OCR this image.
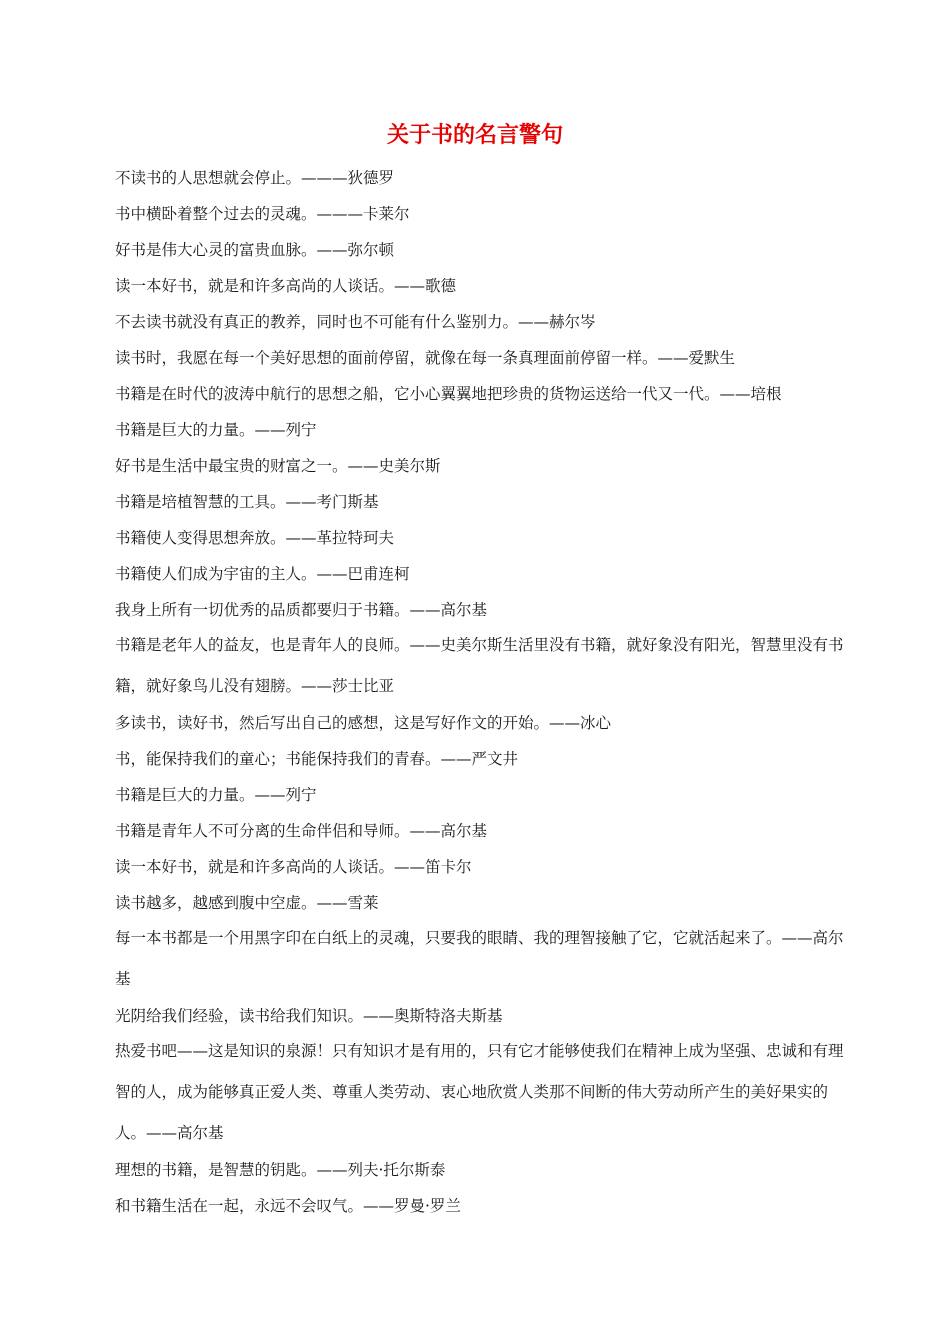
关于书的名言警句

不读书的人思想就会停止。———狄德罗

书中横卧着整个过去的灵魂。———卡莱尔

好书是伟大心灵的富贵血脉。——弥尔顿

读一本好书，就是和许多高尚的人谈话。——歌德

不去读书就没有真正的教养，同时也不可能有什么鉴别力。——赫尔岑

读书时，我愿在每一个美好思想的面前停留，就像在每一条真理面前停留一样。——爱默生

书籍是在时代的波涛中航行的思想之船，它小心翼翼地把珍贵的货物运送给一代又一代。——培根

书籍是巨大的力量。——列宁

好书是生活中最宝贵的财富之一。——史美尔斯

书籍是培植智慧的工具。——考门斯基

书籍使人变得思想奔放。——革拉特珂夫

书籍使人们成为宇宙的主人。——巴甫连柯

我身上所有一切优秀的品质都要归于书籍。——高尔基

书籍是老年人的益友，也是青年人的良师。——史美尔斯生活里没有书籍，就好象没有阳光，智慧里没有书籍，就好象鸟儿没有翅膀。——莎士比亚

多读书，读好书，然后写出自己的感想，这是写好作文的开始。——冰心

书，能保持我们的童心；书能保持我们的青春。——严文井

书籍是巨大的力量。——列宁

书籍是青年人不可分离的生命伴侣和导师。——高尔基

读一本好书，就是和许多高尚的人谈话。——笛卡尔

读书越多，越感到腹中空虚。——雪莱

每一本书都是一个用黑字印在白纸上的灵魂，只要我的眼睛、我的理智接触了它，它就活起来了。——高尔基

光阴给我们经验，读书给我们知识。——奥斯特洛夫斯基

热爱书吧——这是知识的泉源！只有知识才是有用的，只有它才能够使我们在精神上成为坚强、忠诚和有理智的人，成为能够真正爱人类、尊重人类劳动、衷心地欣赏人类那不间断的伟大劳动所产生的美好果实的人。——高尔基

理想的书籍，是智慧的钥匙。——列夫·托尔斯泰

和书籍生活在一起，永远不会叹气。——罗曼·罗兰
